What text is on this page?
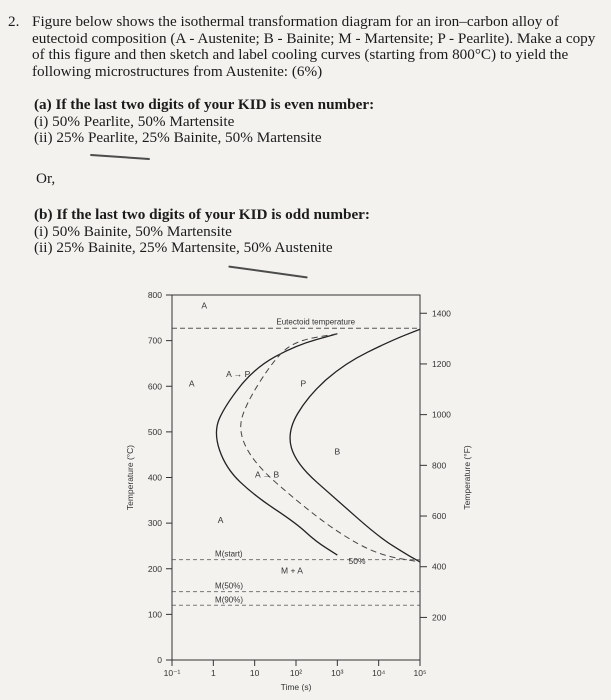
2. Figure below shows the isothermal transformation diagram for an iron–carbon alloy of eutectoid composition (A - Austenite; B - Bainite; M - Martensite; P - Pearlite). Make a copy of this figure and then sketch and label cooling curves (starting from 800°C) to yield the following microstructures from Austenite: (6%)
(a) If the last two digits of your KID is even number:
(i) 50% Pearlite, 50% Martensite
(ii) 25% Pearlite, 25% Bainite, 50% Martensite
Or,
(b) If the last two digits of your KID is odd number:
(i) 50% Bainite, 50% Martensite
(ii) 25% Bainite, 25% Martensite, 50% Austenite
0
100
200
300
400
500
600
700
800
200
400
600
800
1000
1200
1400
10⁻¹	1	10	10²	10³	10⁴	10⁵
Time (s)
Temperature (°C)	Temperature (°F)
Eutectoid temperature
M(start)
M(50%)
M(90%)
A
A
A
P
B
A → P
A → B
M + A
50%
